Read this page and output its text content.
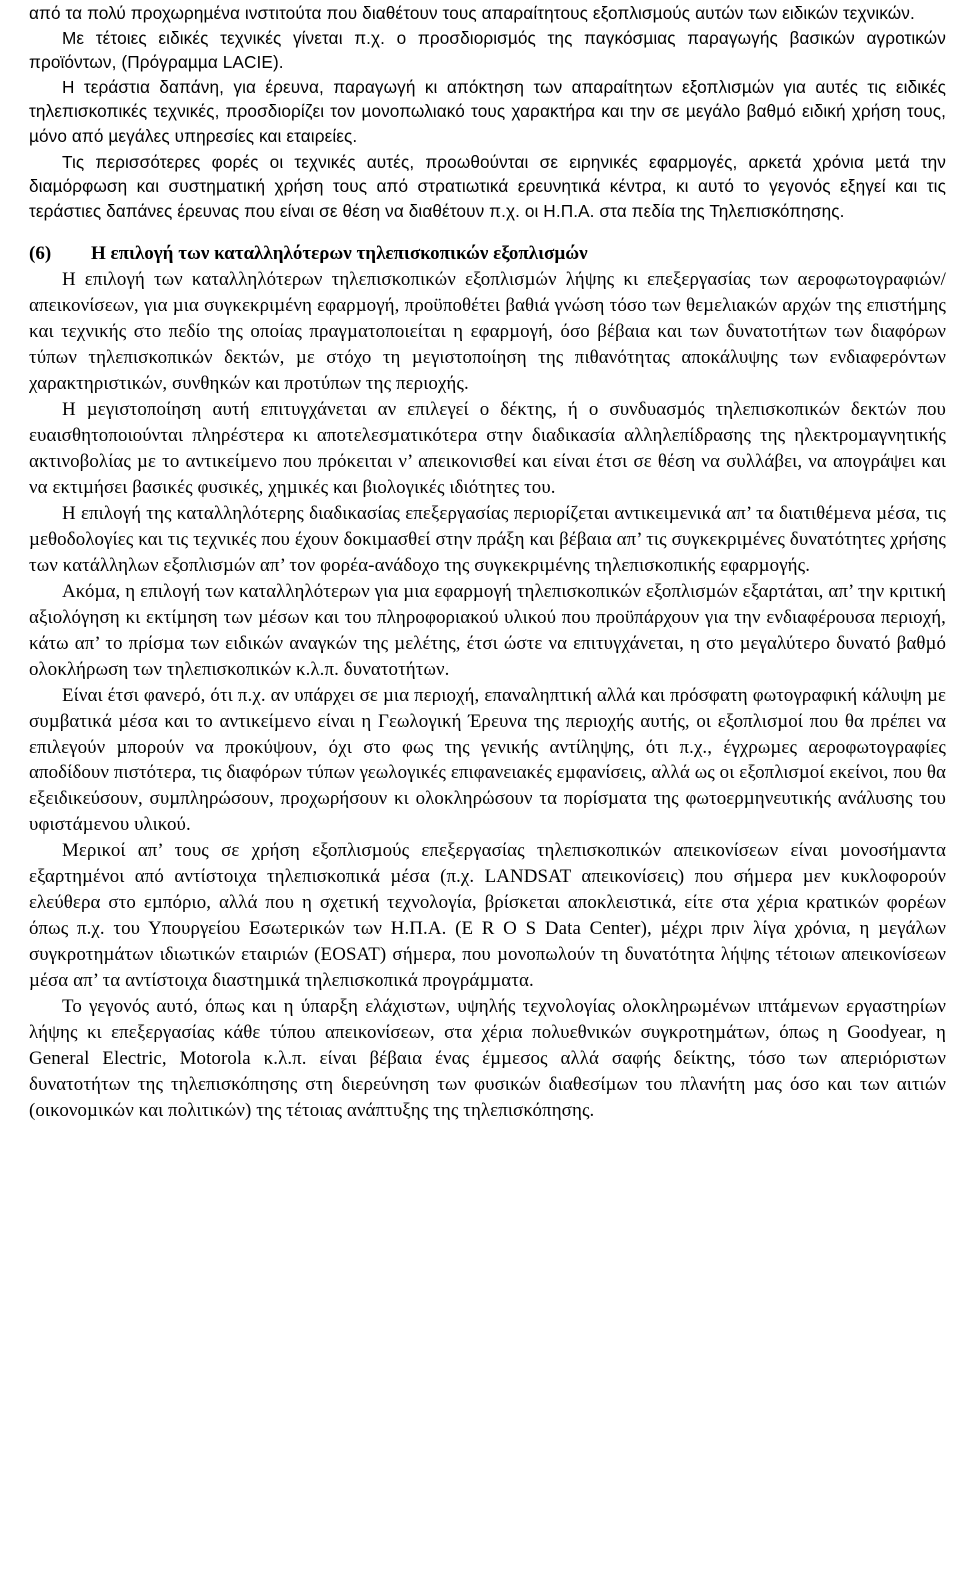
από τα πολύ προχωρηµένα ινστιτούτα που διαθέτουν τους απαραίτητους εξοπλισµούς αυτών των ειδικών τεχνικών.

Με τέτοιες ειδικές τεχνικές γίνεται π.χ. ο προσδιορισµός της παγκόσµιας παραγωγής βασικών αγροτικών προϊόντων, (Πρόγραµµα LACIE).

Η τεράστια δαπάνη, για έρευνα, παραγωγή κι απόκτηση των απαραίτητων εξοπλισµών για αυτές τις ειδικές τηλεπισκοπικές τεχνικές, προσδιορίζει τον µονοπωλιακό τους χαρακτήρα και την σε µεγάλο βαθµό ειδική χρήση τους, µόνο από µεγάλες υπηρεσίες και εταιρείες.

Τις περισσότερες φορές οι τεχνικές αυτές, προωθούνται σε ειρηνικές εφαρµογές, αρκετά χρόνια µετά την διαµόρφωση και συστηµατική χρήση τους από στρατιωτικά ερευνητικά κέντρα, κι αυτό το γεγονός εξηγεί και τις τεράστιες δαπάνες έρευνας που είναι σε θέση να διαθέτουν π.χ. οι Η.Π.Α. στα πεδία της Τηλεπισκόπησης.

(6)	Η επιλογή των καταλληλότερων τηλεπισκοπικών εξοπλισµών

Η επιλογή των καταλληλότερων τηλεπισκοπικών εξοπλισµών λήψης κι επεξεργασίας των αεροφωτογραφιών/απεικονίσεων, για µια συγκεκριµένη εφαρµογή, προϋποθέτει βαθιά γνώση τόσο των θεµελιακών αρχών της επιστήµης και τεχνικής στο πεδίο της οποίας πραγµατοποιείται η εφαρµογή, όσο βέβαια και των δυνατοτήτων των διαφόρων τύπων τηλεπισκοπικών δεκτών, µε στόχο τη µεγιστοποίηση της πιθανότητας αποκάλυψης των ενδιαφερόντων χαρακτηριστικών, συνθηκών και προτύπων της περιοχής.

Η µεγιστοποίηση αυτή επιτυγχάνεται αν επιλεγεί ο δέκτης, ή ο συνδυασµός τηλεπισκοπικών δεκτών που ευαισθητοποιούνται πληρέστερα κι αποτελεσµατικότερα στην διαδικασία αλληλεπίδρασης της ηλεκτροµαγνητικής ακτινοβολίας µε το αντικείµενο που πρόκειται ν’ απεικονισθεί και είναι έτσι σε θέση να συλλάβει, να απογράψει και να εκτιµήσει βασικές φυσικές, χηµικές και βιολογικές ιδιότητες του.

Η επιλογή της καταλληλότερης διαδικασίας επεξεργασίας περιορίζεται αντικειµενικά απ’ τα διατιθέµενα µέσα, τις µεθοδολογίες και τις τεχνικές που έχουν δοκιµασθεί στην πράξη και βέβαια απ’ τις συγκεκριµένες δυνατότητες χρήσης των κατάλληλων εξοπλισµών απ’ τον φορέα-ανάδοχο της συγκεκριµένης τηλεπισκοπικής εφαρµογής.

Ακόµα, η επιλογή των καταλληλότερων για µια εφαρµογή τηλεπισκοπικών εξοπλισµών εξαρτάται, απ’ την κριτική αξιολόγηση κι εκτίµηση των µέσων και του πληροφοριακού υλικού που προϋπάρχουν για την ενδιαφέρουσα περιοχή, κάτω απ’ το πρίσµα των ειδικών αναγκών της µελέτης, έτσι ώστε να επιτυγχάνεται, η στο µεγαλύτερο δυνατό βαθµό ολοκλήρωση των τηλεπισκοπικών κ.λ.π. δυνατοτήτων.

Είναι έτσι φανερό, ότι π.χ. αν υπάρχει σε µια περιοχή, επαναληπτική αλλά και πρόσφατη φωτογραφική κάλυψη µε συµβατικά µέσα και το αντικείµενο είναι η Γεωλογική Έρευνα της περιοχής αυτής, οι εξοπλισµοί που θα πρέπει να επιλεγούν µπορούν να προκύψουν, όχι στο φως της γενικής αντίληψης, ότι π.χ., έγχρωµες αεροφωτογραφίες αποδίδουν πιστότερα, τις διαφόρων τύπων γεωλογικές επιφανειακές εµφανίσεις, αλλά ως οι εξοπλισµοί εκείνοι, που θα εξειδικεύσουν, συµπληρώσουν, προχωρήσουν κι ολοκληρώσουν τα πορίσµατα της φωτοερµηνευτικής ανάλυσης του υφιστάµενου υλικού.

Μερικοί απ’ τους σε χρήση εξοπλισµούς επεξεργασίας τηλεπισκοπικών απεικονίσεων είναι µονοσήµαντα εξαρτηµένοι από αντίστοιχα τηλεπισκοπικά µέσα (π.χ. LANDSAT απεικονίσεις) που σήµερα µεν κυκλοφορούν ελεύθερα στο εµπόριο, αλλά που η σχετική τεχνολογία, βρίσκεται αποκλειστικά, είτε στα χέρια κρατικών φορέων όπως π.χ. του Υπουργείου Εσωτερικών των Η.Π.Α. (E R O S Data Center), µέχρι πριν λίγα χρόνια, η µεγάλων συγκροτηµάτων ιδιωτικών εταιριών (EOSAT) σήµερα, που µονοπωλούν τη δυνατότητα λήψης τέτοιων απεικονίσεων µέσα απ’ τα αντίστοιχα διαστηµικά τηλεπισκοπικά προγράµµατα.

Το γεγονός αυτό, όπως και η ύπαρξη ελάχιστων, υψηλής τεχνολογίας ολοκληρωµένων ιπτάµενων εργαστηρίων λήψης κι επεξεργασίας κάθε τύπου απεικονίσεων, στα χέρια πολυεθνικών συγκροτηµάτων, όπως η Goodyear, η General Electric, Motorola κ.λ.π. είναι βέβαια ένας έµµεσος αλλά σαφής δείκτης, τόσο των απεριόριστων δυνατοτήτων της τηλεπισκόπησης στη διερεύνηση των φυσικών διαθεσίµων του πλανήτη µας όσο και των αιτιών (οικονοµικών και πολιτικών) της τέτοιας ανάπτυξης της τηλεπισκόπησης.
